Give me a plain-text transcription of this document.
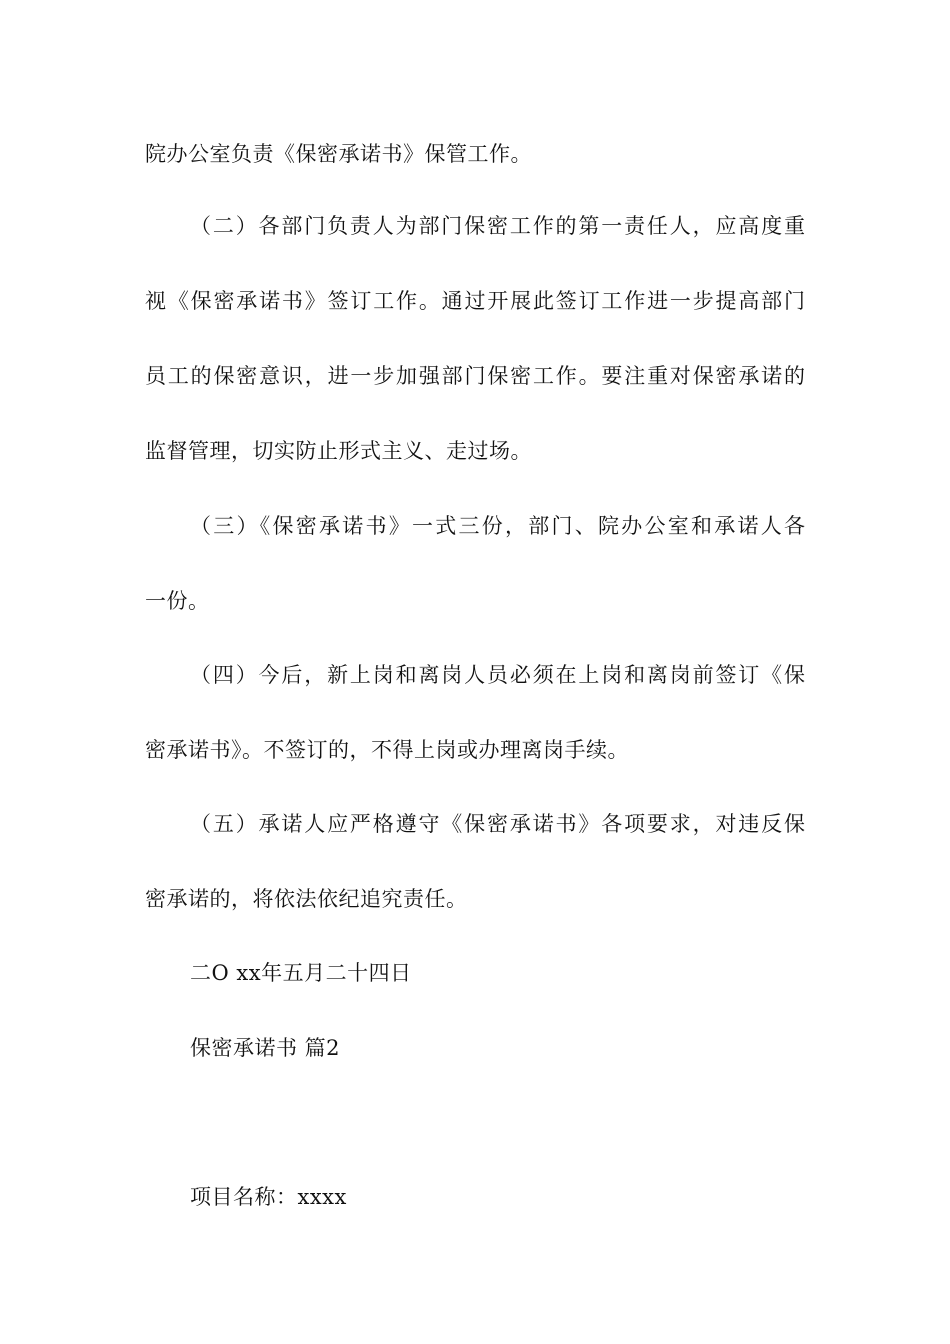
院办公室负责《保密承诺书》保管工作。
（二）各部门负责人为部门保密工作的第一责任人，应高度重
视《保密承诺书》签订工作。通过开展此签订工作进一步提高部门
员工的保密意识，进一步加强部门保密工作。要注重对保密承诺的
监督管理，切实防止形式主义、走过场。
（三）《保密承诺书》一式三份，部门、院办公室和承诺人各
一份。
（四）今后，新上岗和离岗人员必须在上岗和离岗前签订《保
密承诺书》。不签订的，不得上岗或办理离岗手续。
（五）承诺人应严格遵守《保密承诺书》各项要求，对违反保
密承诺的，将依法依纪追究责任。
二O xx年五月二十四日
保密承诺书 篇2
项目名称：xxxx
